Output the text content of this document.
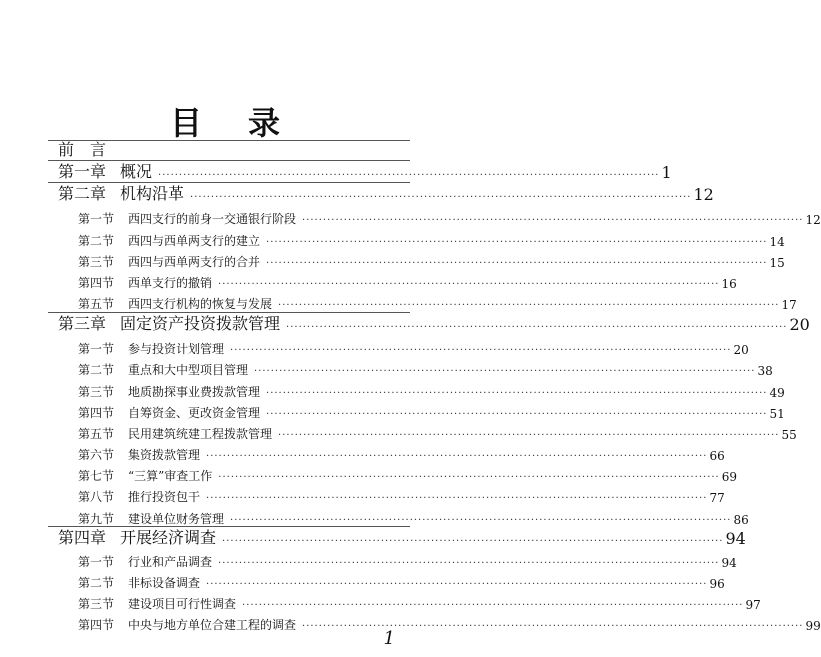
目 录
前　言
第一章 概况 ························································································································ 1
第二章 机构沿革 ························································································································ 12
第一节 西四支行的前身一交通银行阶段 ························································································································ 12
第二节 西四与西单两支行的建立 ························································································································ 14
第三节 西四与西单两支行的合并 ························································································································ 15
第四节 西单支行的撤销 ························································································································ 16
第五节 西四支行机构的恢复与发展 ························································································································ 17
第三章 固定资产投资拨款管理 ························································································································ 20
第一节 参与投资计划管理 ························································································································ 20
第二节 重点和大中型项目管理 ························································································································ 38
第三节 地质勘探事业费拨款管理 ························································································································ 49
第四节 自筹资金、更改资金管理 ························································································································ 51
第五节 民用建筑统建工程拨款管理 ························································································································ 55
第六节 集资拨款管理 ························································································································ 66
第七节 “三算”审查工作 ························································································································ 69
第八节 推行投资包干 ························································································································ 77
第九节 建设单位财务管理 ························································································································ 86
第四章 开展经济调查 ························································································································ 94
第一节 行业和产品调查 ························································································································ 94
第二节 非标设备调查 ························································································································ 96
第三节 建设项目可行性调查 ························································································································ 97
第四节 中央与地方单位合建工程的调查 ························································································································ 99
1
